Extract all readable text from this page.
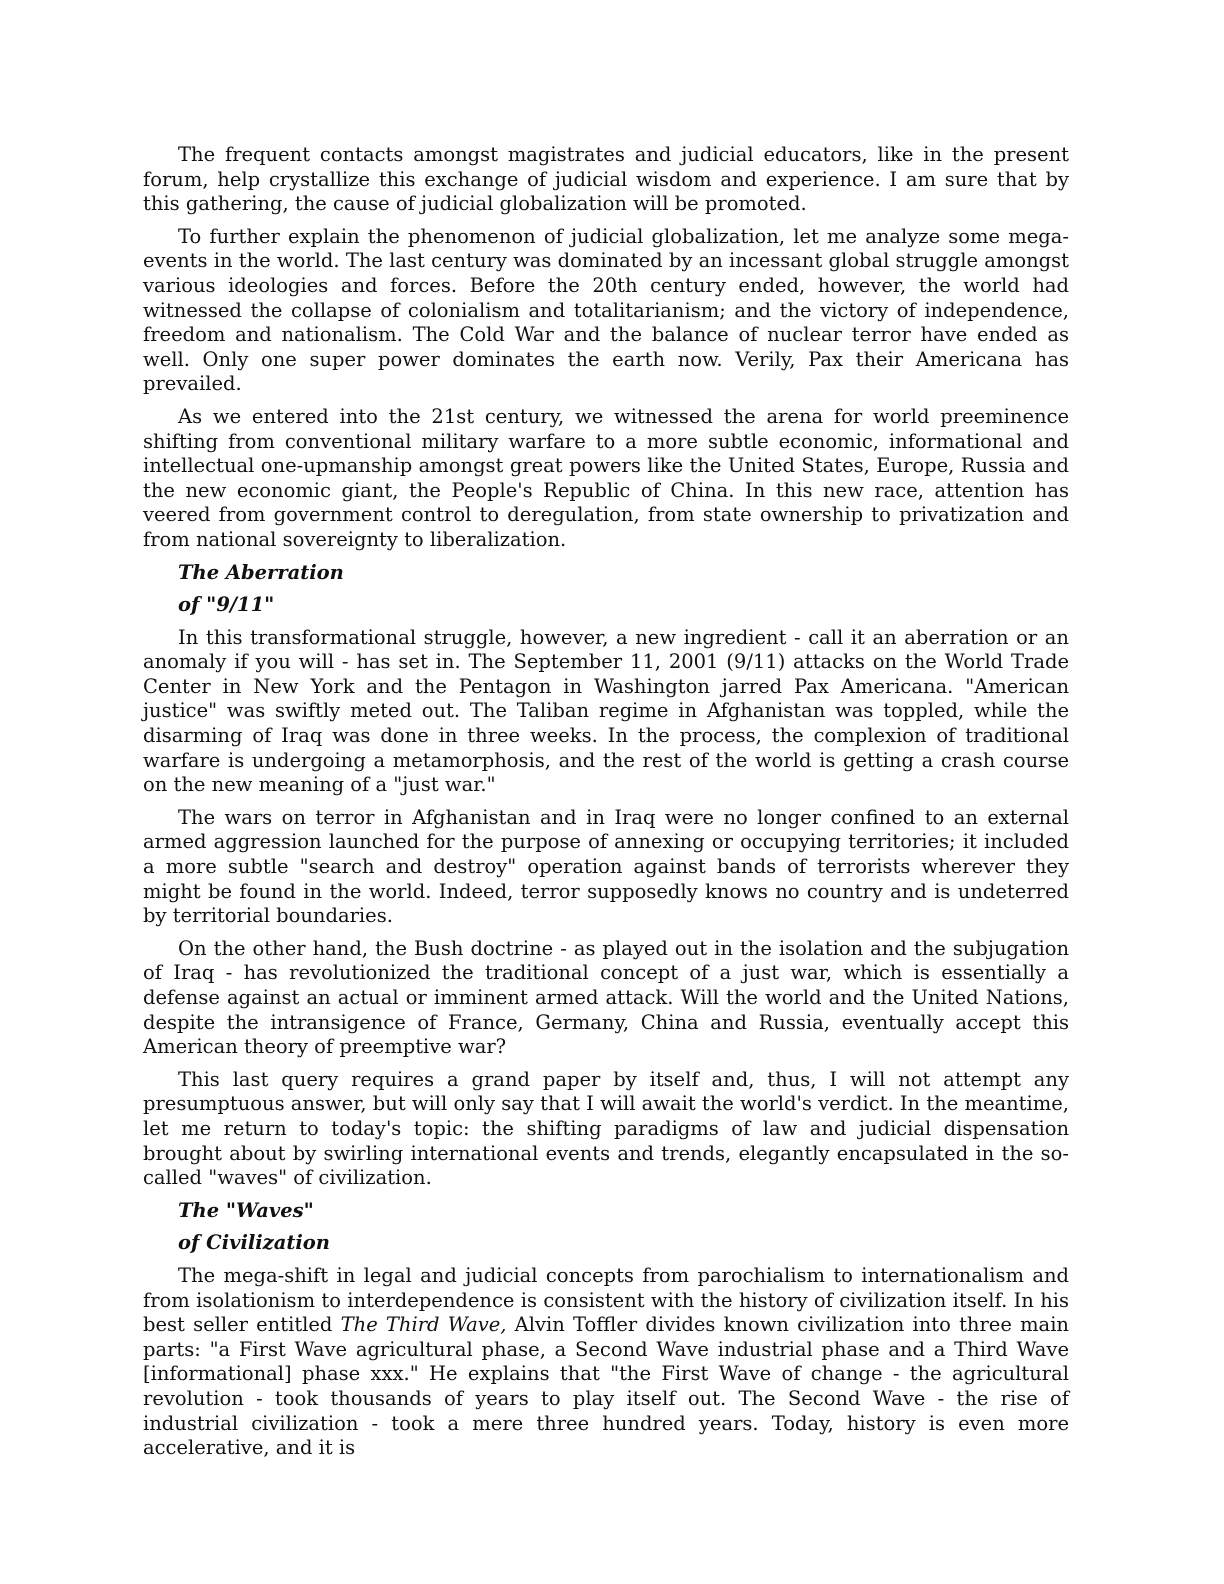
The frequent contacts amongst magistrates and judicial educators, like in the present forum, help crystallize this exchange of judicial wisdom and experience. I am sure that by this gathering, the cause of judicial globalization will be promoted.

To further explain the phenomenon of judicial globalization, let me analyze some mega-events in the world. The last century was dominated by an incessant global struggle amongst various ideologies and forces. Before the 20th century ended, however, the world had witnessed the collapse of colonialism and totalitarianism; and the victory of independence, freedom and nationalism. The Cold War and the balance of nuclear terror have ended as well. Only one super power dominates the earth now. Verily, Pax their Americana has prevailed.

As we entered into the 21st century, we witnessed the arena for world preeminence shifting from conventional military warfare to a more subtle economic, informational and intellectual one-upmanship amongst great powers like the United States, Europe, Russia and the new economic giant, the People's Republic of China. In this new race, attention has veered from government control to deregulation, from state ownership to privatization and from national sovereignty to liberalization.

The Aberration
of "9/11"

In this transformational struggle, however, a new ingredient - call it an aberration or an anomaly if you will - has set in. The September 11, 2001 (9/11) attacks on the World Trade Center in New York and the Pentagon in Washington jarred Pax Americana. "American justice" was swiftly meted out. The Taliban regime in Afghanistan was toppled, while the disarming of Iraq was done in three weeks. In the process, the complexion of traditional warfare is undergoing a metamorphosis, and the rest of the world is getting a crash course on the new meaning of a "just war."

The wars on terror in Afghanistan and in Iraq were no longer confined to an external armed aggression launched for the purpose of annexing or occupying territories; it included a more subtle "search and destroy" operation against bands of terrorists wherever they might be found in the world. Indeed, terror supposedly knows no country and is undeterred by territorial boundaries.

On the other hand, the Bush doctrine - as played out in the isolation and the subjugation of Iraq - has revolutionized the traditional concept of a just war, which is essentially a defense against an actual or imminent armed attack. Will the world and the United Nations, despite the intransigence of France, Germany, China and Russia, eventually accept this American theory of preemptive war?

This last query requires a grand paper by itself and, thus, I will not attempt any presumptuous answer, but will only say that I will await the world's verdict. In the meantime, let me return to today's topic: the shifting paradigms of law and judicial dispensation brought about by swirling international events and trends, elegantly encapsulated in the so-called "waves" of civilization.

The "Waves"
of Civilization

The mega-shift in legal and judicial concepts from parochialism to internationalism and from isolationism to interdependence is consistent with the history of civilization itself. In his best seller entitled The Third Wave, Alvin Toffler divides known civilization into three main parts: "a First Wave agricultural phase, a Second Wave industrial phase and a Third Wave [informational] phase xxx." He explains that "the First Wave of change - the agricultural revolution - took thousands of years to play itself out. The Second Wave - the rise of industrial civilization - took a mere three hundred years. Today, history is even more accelerative, and it is
